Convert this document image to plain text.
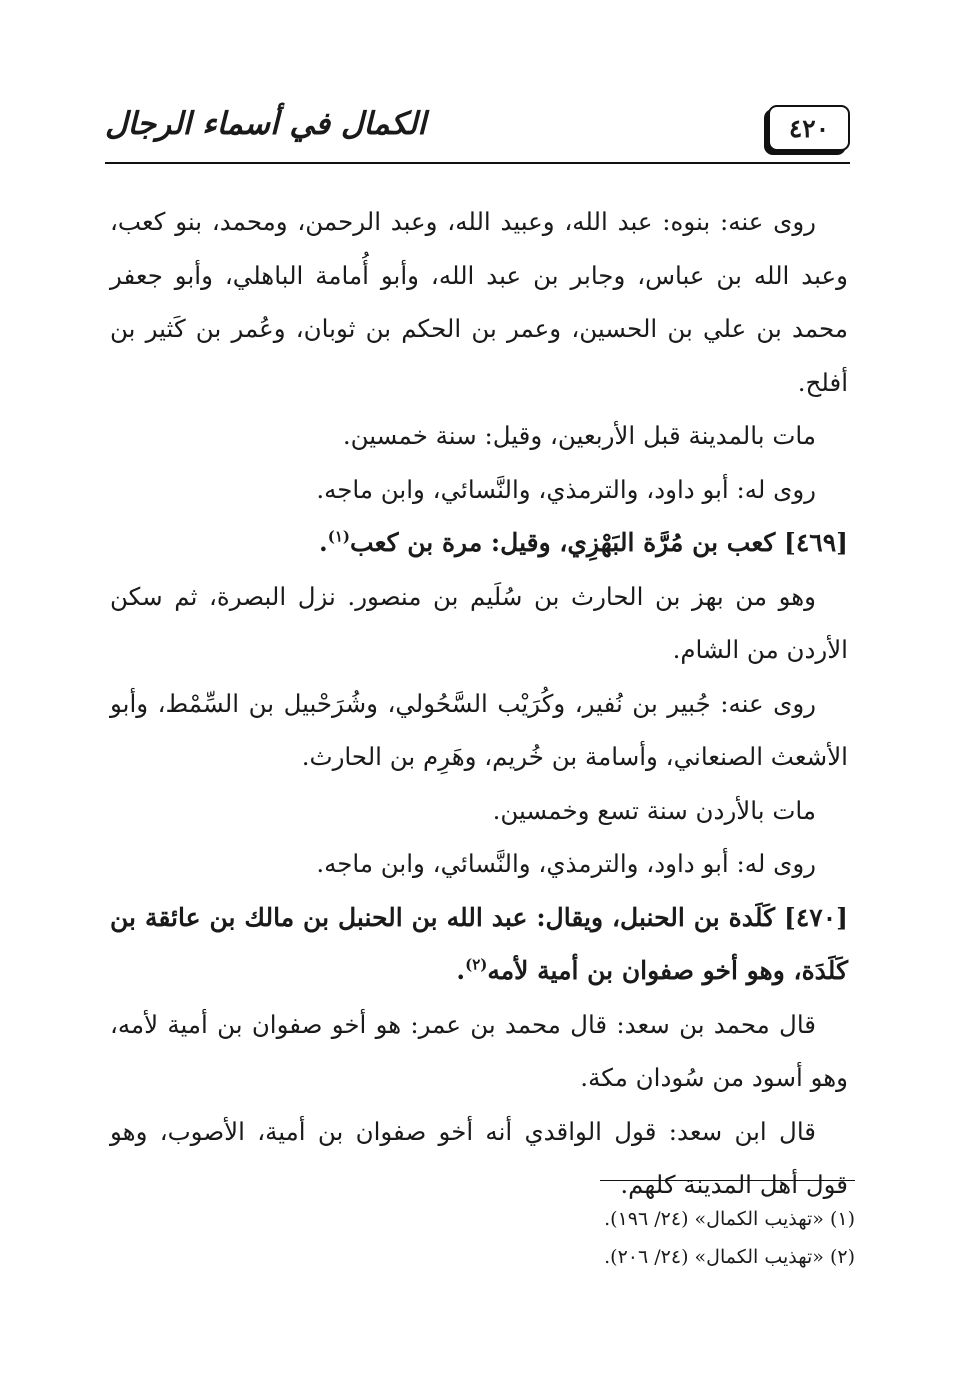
٤٢٠
الكمال في أسماء الرجال

روى عنه: بنوه: عبد الله، وعبيد الله، وعبد الرحمن، ومحمد، بنو كعب، وعبد الله بن عباس، وجابر بن عبد الله، وأبو أُمامة الباهلي، وأبو جعفر محمد بن علي بن الحسين، وعمر بن الحكم بن ثوبان، وعُمر بن كَثير بن أفلح.

مات بالمدينة قبل الأربعين، وقيل: سنة خمسين.

روى له: أبو داود، والترمذي، والنَّسائي، وابن ماجه.

[٤٦٩] كعب بن مُرَّة البَهْزِي، وقيل: مرة بن كعب$^{(١)}$.

وهو من بهز بن الحارث بن سُلَيم بن منصور. نزل البصرة، ثم سكن الأردن من الشام.

روى عنه: جُبير بن نُفير، وكُرَيْب السَّحُولي، وشُرَحْبيل بن السِّمْط، وأبو الأشعث الصنعاني، وأسامة بن خُريم، وهَرِم بن الحارث.

مات بالأردن سنة تسع وخمسين.

روى له: أبو داود، والترمذي، والنَّسائي، وابن ماجه.

[٤٧٠] كَلَدة بن الحنبل، ويقال: عبد الله بن الحنبل بن مالك بن عائقة بن كَلَدَة، وهو أخو صفوان بن أمية لأمه$^{(٢)}$.

قال محمد بن سعد: قال محمد بن عمر: هو أخو صفوان بن أمية لأمه، وهو أسود من سُودان مكة.

قال ابن سعد: قول الواقدي أنه أخو صفوان بن أمية، الأصوب، وهو قول أهل المدينة كلهم.

(١) «تهذيب الكمال» (٢٤/ ١٩٦).

(٢) «تهذيب الكمال» (٢٤/ ٢٠٦).
